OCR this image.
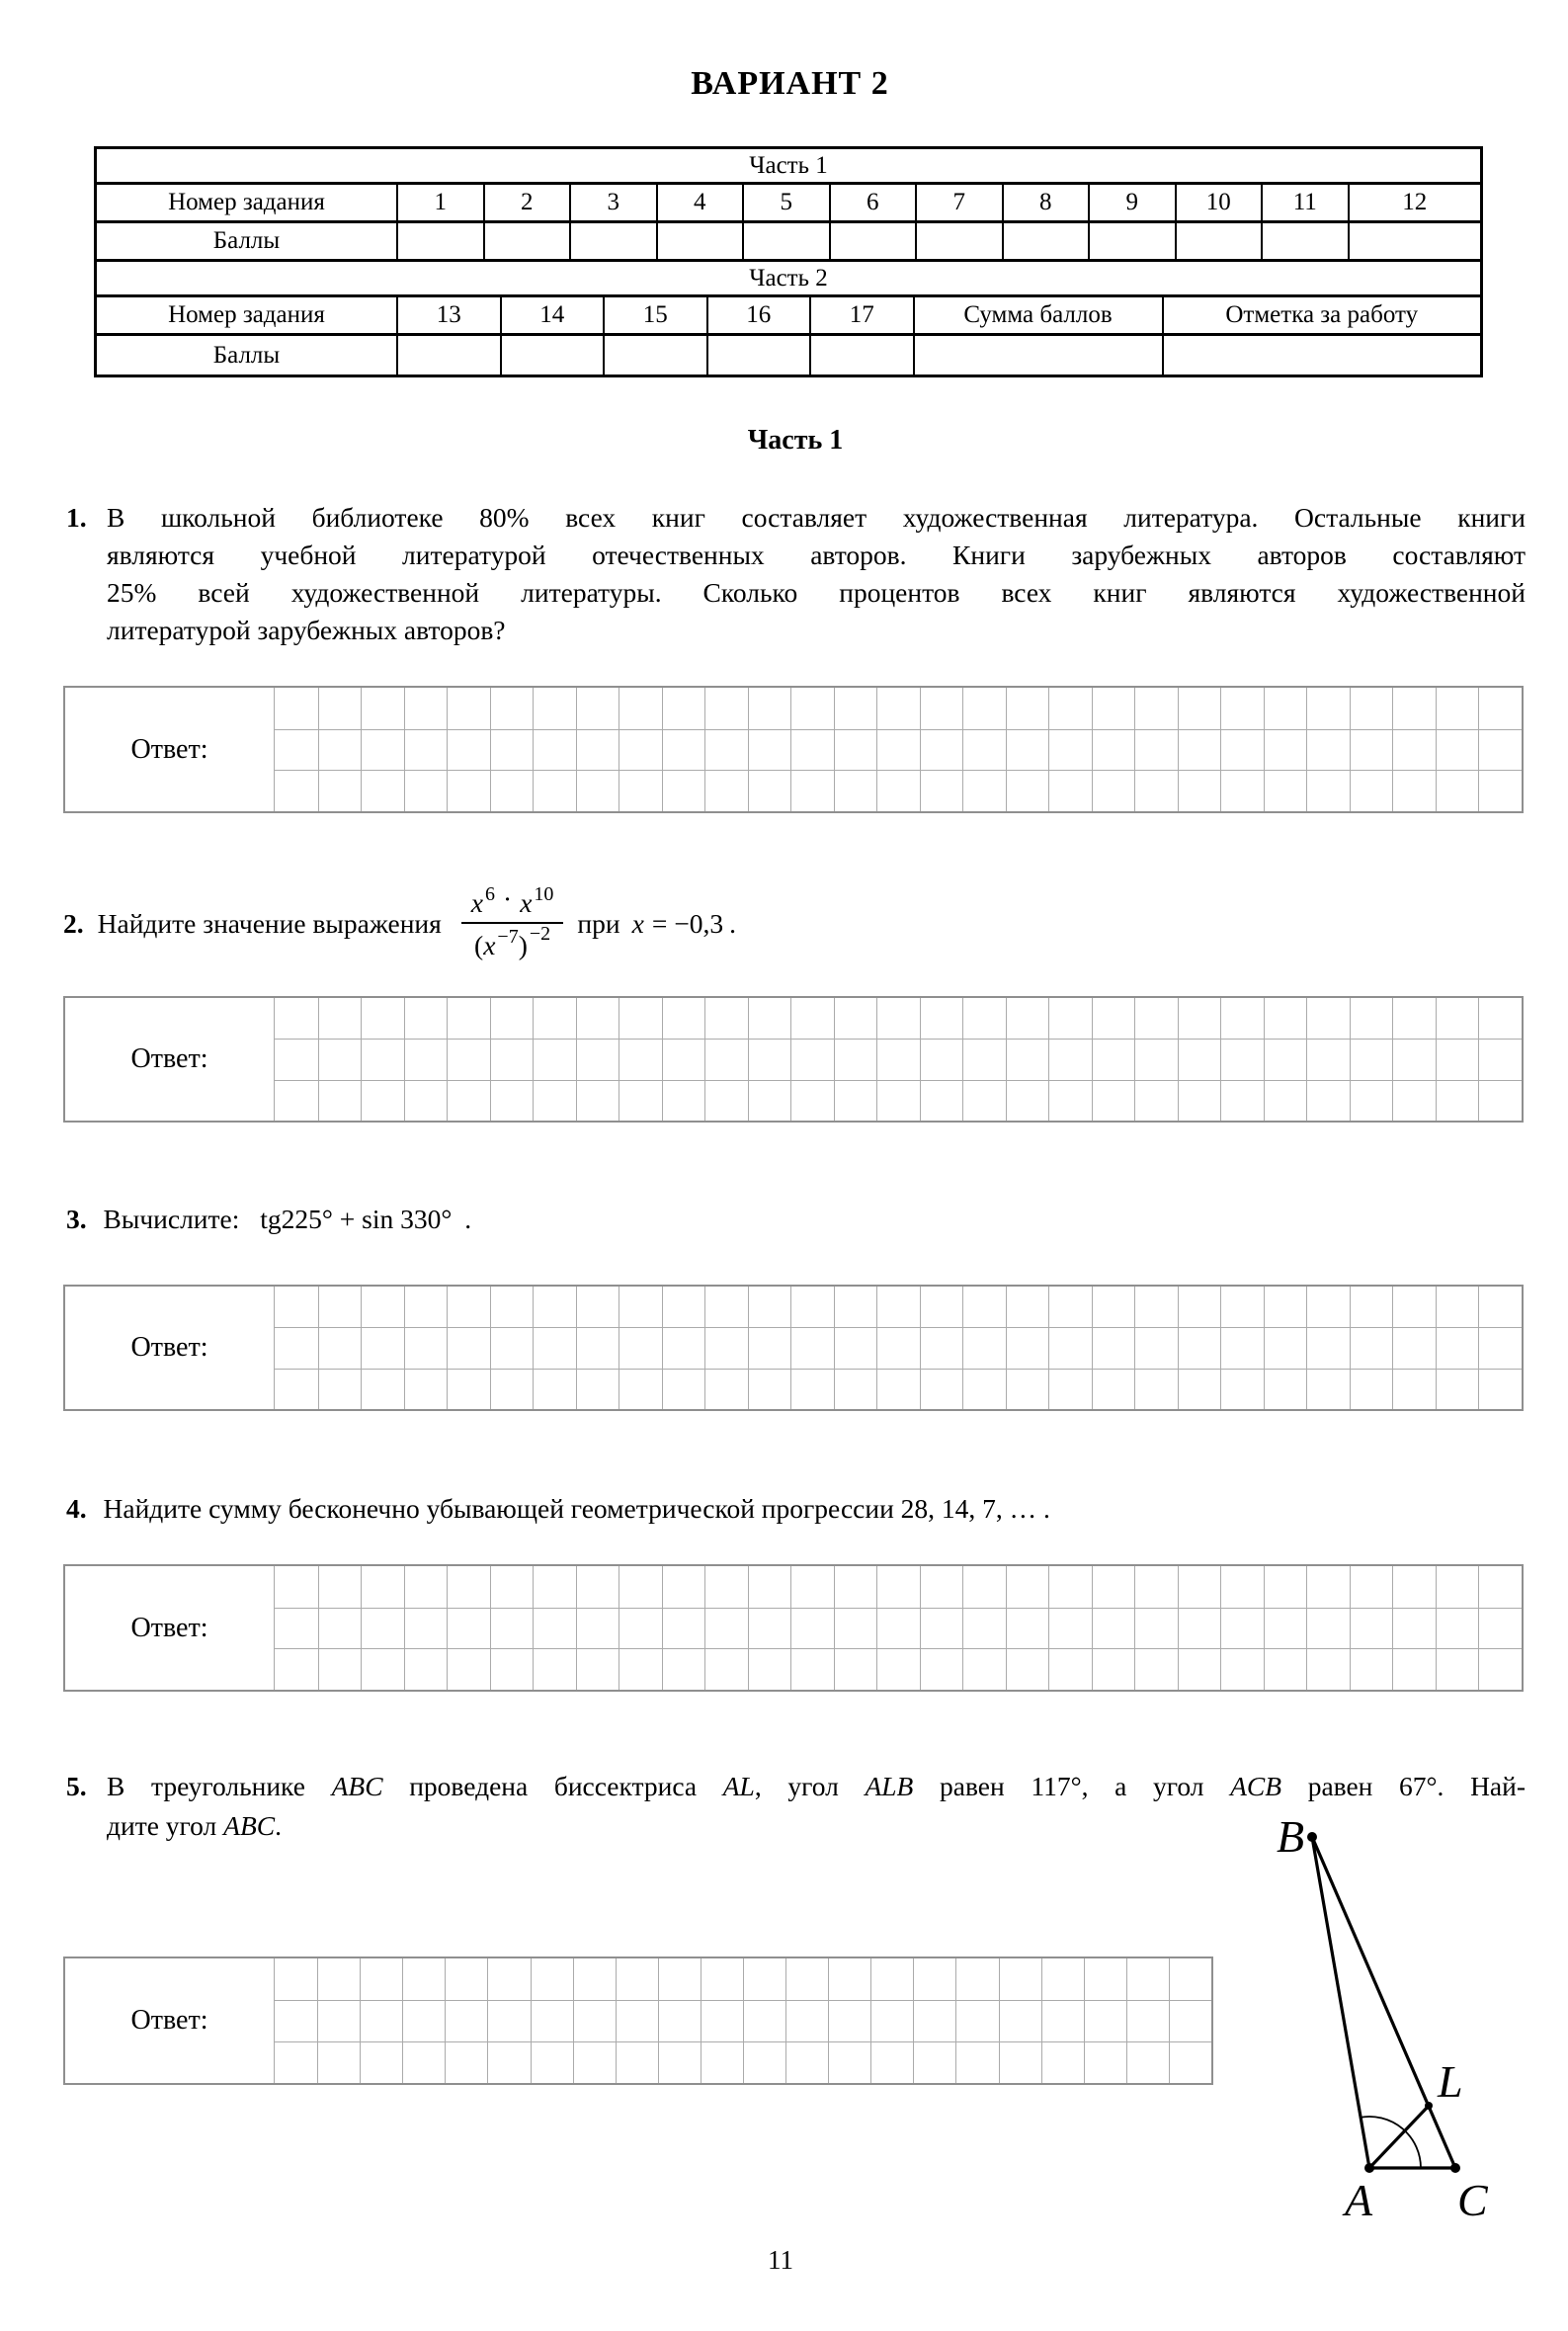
ВАРИАНТ 2
Часть 1
Номер задания	1	2	3	4	5	6	7	8	9	10	11	12
Баллы
Часть 2
Номер задания	13	14	15	16	17	Сумма баллов	Отметка за работу
Баллы
Часть 1
1. В школьной библиотеке 80% всех книг составляет художественная литература. Остальные книги
являются учебной литературой отечественных авторов. Книги зарубежных авторов составляют
25% всей художественной литературы. Сколько процентов всех книг являются художественной
литературой зарубежных авторов?
Ответ:
2. Найдите значение выражения $\frac{x ^6 \cdot x ^{10}}{(x ^{-7}) ^{-2}}$ при x = −0,3 .
Ответ:
3. Вычислите: tg225° + sin 330° .
Ответ:
4. Найдите сумму бесконечно убывающей геометрической прогрессии 28, 14, 7, … .
Ответ:
5. В треугольнике ABC проведена биссектриса AL, угол ALB равен 117°, а угол ACB равен 67°. Най-
дите угол ABC.
Ответ:
B
L
A C
11
